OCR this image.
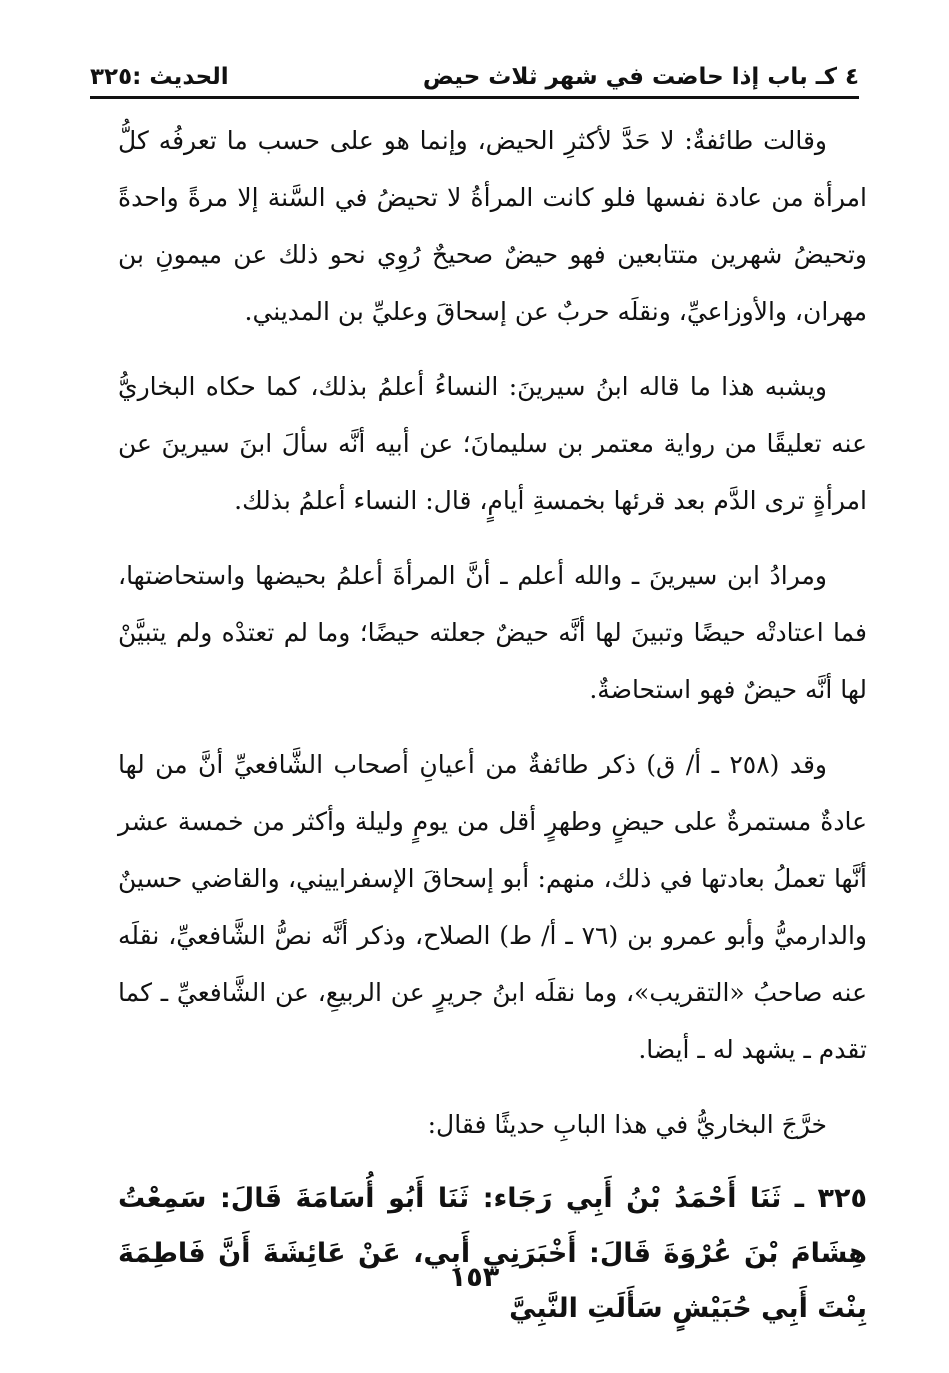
٤ كـ باب إذا حاضت في شهر ثلاث حيض
الحديث :٣٢٥

وقالت طائفةٌ: لا حَدَّ لأكثرِ الحيض، وإنما هو على حسب ما تعرفُه كلُّ امرأة من عادة نفسها فلو كانت المرأةُ لا تحيضُ في السَّنة إلا مرةً واحدةً وتحيضُ شهرين متتابعين فهو حيضٌ صحيحٌ رُوِي نحو ذلك عن ميمونِ بن مهران، والأوزاعيِّ، ونقلَه حربٌ عن إسحاقَ وعليِّ بن المديني.

ويشبه هذا ما قاله ابنُ سيرينَ: النساءُ أعلمُ بذلك، كما حكاه البخاريُّ عنه تعليقًا من رواية معتمر بن سليمانَ؛ عن أبيه أنَّه سألَ ابنَ سيرينَ عن امرأةٍ ترى الدَّم بعد قرئها بخمسةِ أيامٍ، قال: النساء أعلمُ بذلك.

ومرادُ ابن سيرينَ ـ والله أعلم ـ أنَّ المرأةَ أعلمُ بحيضها واستحاضتها، فما اعتادتْه حيضًا وتبينَ لها أنَّه حيضٌ جعلته حيضًا؛ وما لم تعتدْه ولم يتبيَّنْ لها أنَّه حيضٌ فهو استحاضةٌ.

وقد (٢٥٨ ـ أ/ ق) ذكر طائفةٌ من أعيانِ أصحاب الشَّافعيِّ أنَّ من لها عادةٌ مستمرةٌ على حيضٍ وطهرٍ أقل من يومٍ وليلة وأكثر من خمسة عشر أنَّها تعملُ بعادتها في ذلك، منهم: أبو إسحاقَ الإسفراييني، والقاضي حسينٌ والدارميُّ وأبو عمرو بن (٧٦ ـ أ/ ط) الصلاح، وذكر أنَّه نصُّ الشَّافعيِّ، نقلَه عنه صاحبُ «التقريب»، وما نقلَه ابنُ جريرٍ عن الربيعِ، عن الشَّافعيِّ ـ كما تقدم ـ يشهد له ـ أيضا.

خرَّجَ البخاريُّ في هذا البابِ حديثًا فقال:

٣٢٥ ـ ثَنَا أَحْمَدُ بْنُ أَبِي رَجَاء: ثَنَا أَبُو أُسَامَةَ قَالَ: سَمِعْتُ هِشَامَ بْنَ عُرْوَةَ قَالَ: أَخْبَرَنِي أَبِي، عَنْ عَائِشَةَ أَنَّ فَاطِمَةَ بِنْتَ أَبِي حُبَيْشٍ سَأَلَتِ النَّبِيَّ

١٥٣
